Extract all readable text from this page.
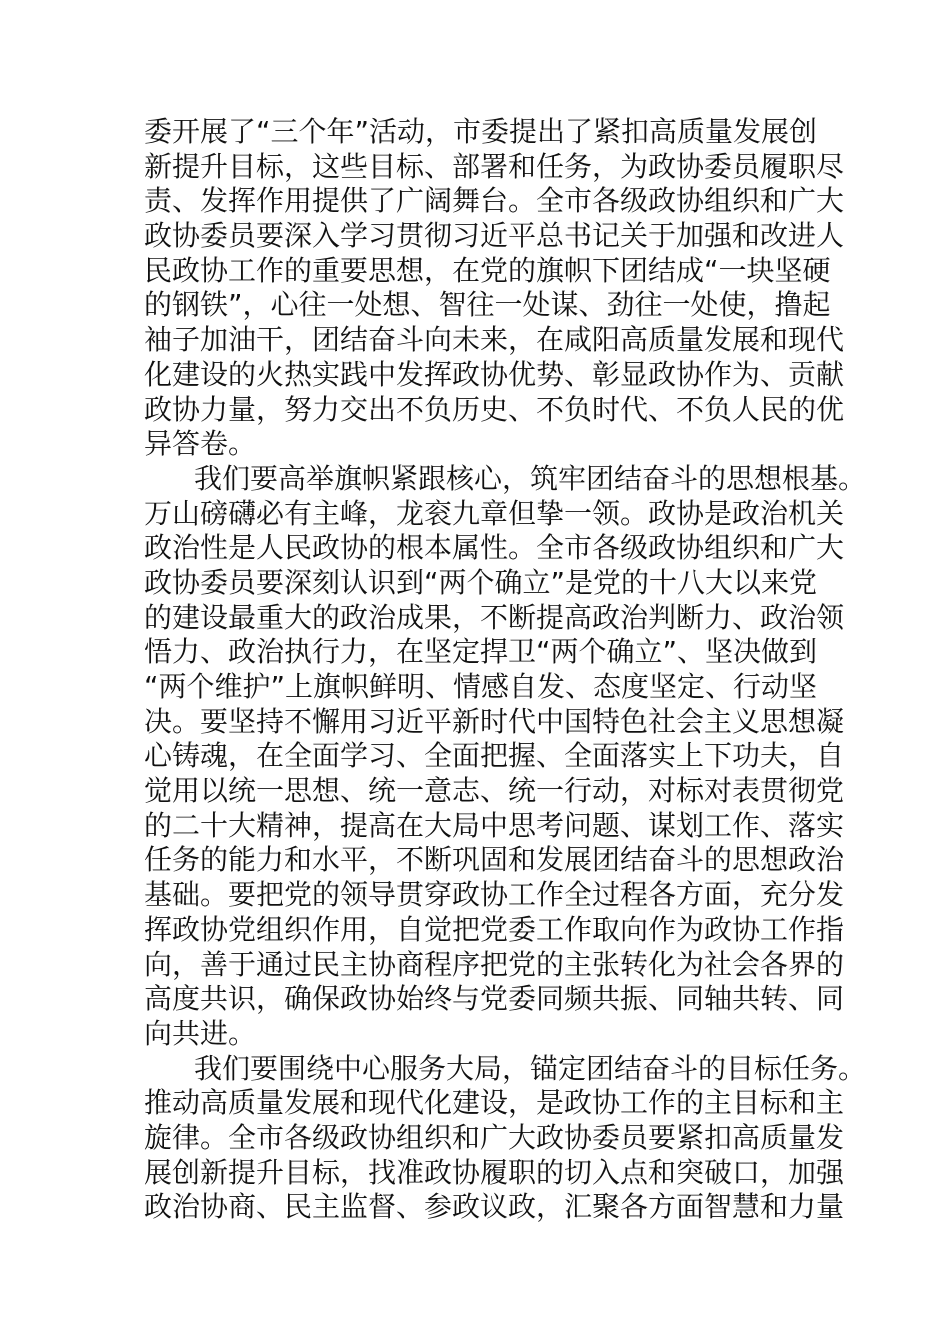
委开展了“三个年”活动，市委提出了紧扣高质量发展创
新提升目标，这些目标、部署和任务，为政协委员履职尽
责、发挥作用提供了广阔舞台。全市各级政协组织和广大
政协委员要深入学习贯彻习近平总书记关于加强和改进人
民政协工作的重要思想，在党的旗帜下团结成“一块坚硬
的钢铁”，心往一处想、智往一处谋、劲往一处使，撸起
袖子加油干，团结奋斗向未来，在咸阳高质量发展和现代
化建设的火热实践中发挥政协优势、彰显政协作为、贡献
政协力量，努力交出不负历史、不负时代、不负人民的优
异答卷。
我们要高举旗帜紧跟核心，筑牢团结奋斗的思想根基。
万山磅礴必有主峰，龙衮九章但挚一领。政协是政治机关
政治性是人民政协的根本属性。全市各级政协组织和广大
政协委员要深刻认识到“两个确立”是党的十八大以来党
的建设最重大的政治成果，不断提高政治判断力、政治领
悟力、政治执行力，在坚定捍卫“两个确立”、坚决做到
“两个维护”上旗帜鲜明、情感自发、态度坚定、行动坚
决。要坚持不懈用习近平新时代中国特色社会主义思想凝
心铸魂，在全面学习、全面把握、全面落实上下功夫，自
觉用以统一思想、统一意志、统一行动，对标对表贯彻党
的二十大精神，提高在大局中思考问题、谋划工作、落实
任务的能力和水平，不断巩固和发展团结奋斗的思想政治
基础。要把党的领导贯穿政协工作全过程各方面，充分发
挥政协党组织作用，自觉把党委工作取向作为政协工作指
向，善于通过民主协商程序把党的主张转化为社会各界的
高度共识，确保政协始终与党委同频共振、同轴共转、同
向共进。
我们要围绕中心服务大局，锚定团结奋斗的目标任务。
推动高质量发展和现代化建设，是政协工作的主目标和主
旋律。全市各级政协组织和广大政协委员要紧扣高质量发
展创新提升目标，找准政协履职的切入点和突破口，加强
政治协商、民主监督、参政议政，汇聚各方面智慧和力量
